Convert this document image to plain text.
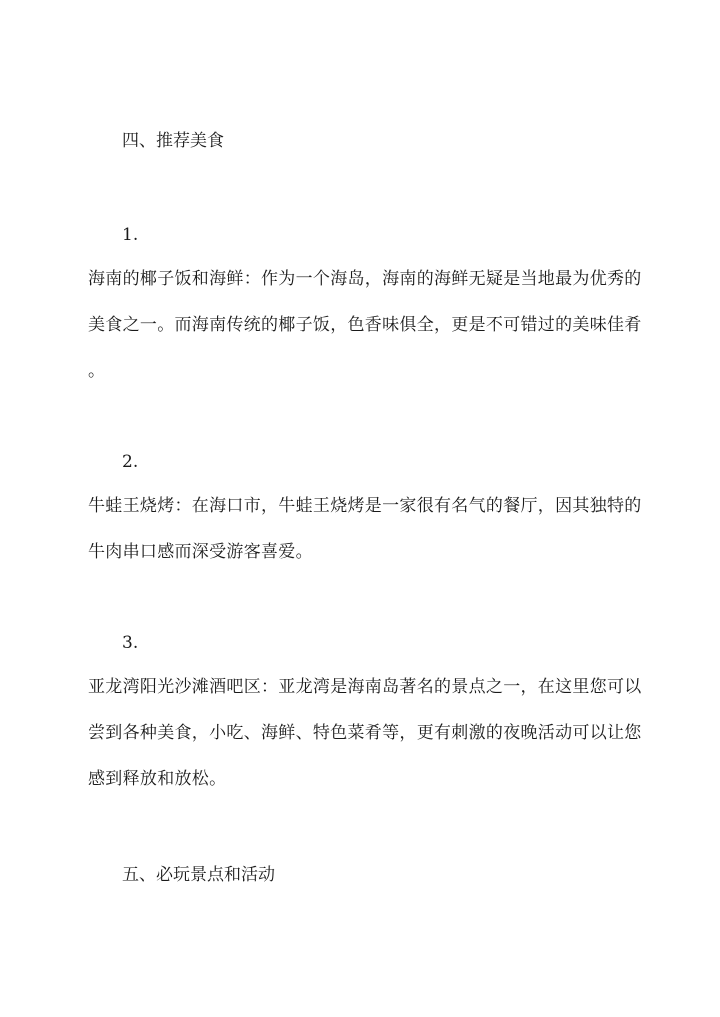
四、推荐美食
1.

海南的椰子饭和海鲜：作为一个海岛，海南的海鲜无疑是当地最为优秀的
美食之一。而海南传统的椰子饭，色香味俱全，更是不可错过的美味佳肴
。

2.

牛蛙王烧烤：在海口市，牛蛙王烧烤是一家很有名气的餐厅，因其独特的
牛肉串口感而深受游客喜爱。

3.

亚龙湾阳光沙滩酒吧区：亚龙湾是海南岛著名的景点之一，在这里您可以
尝到各种美食，小吃、海鲜、特色菜肴等，更有刺激的夜晚活动可以让您
感到释放和放松。

五、必玩景点和活动
